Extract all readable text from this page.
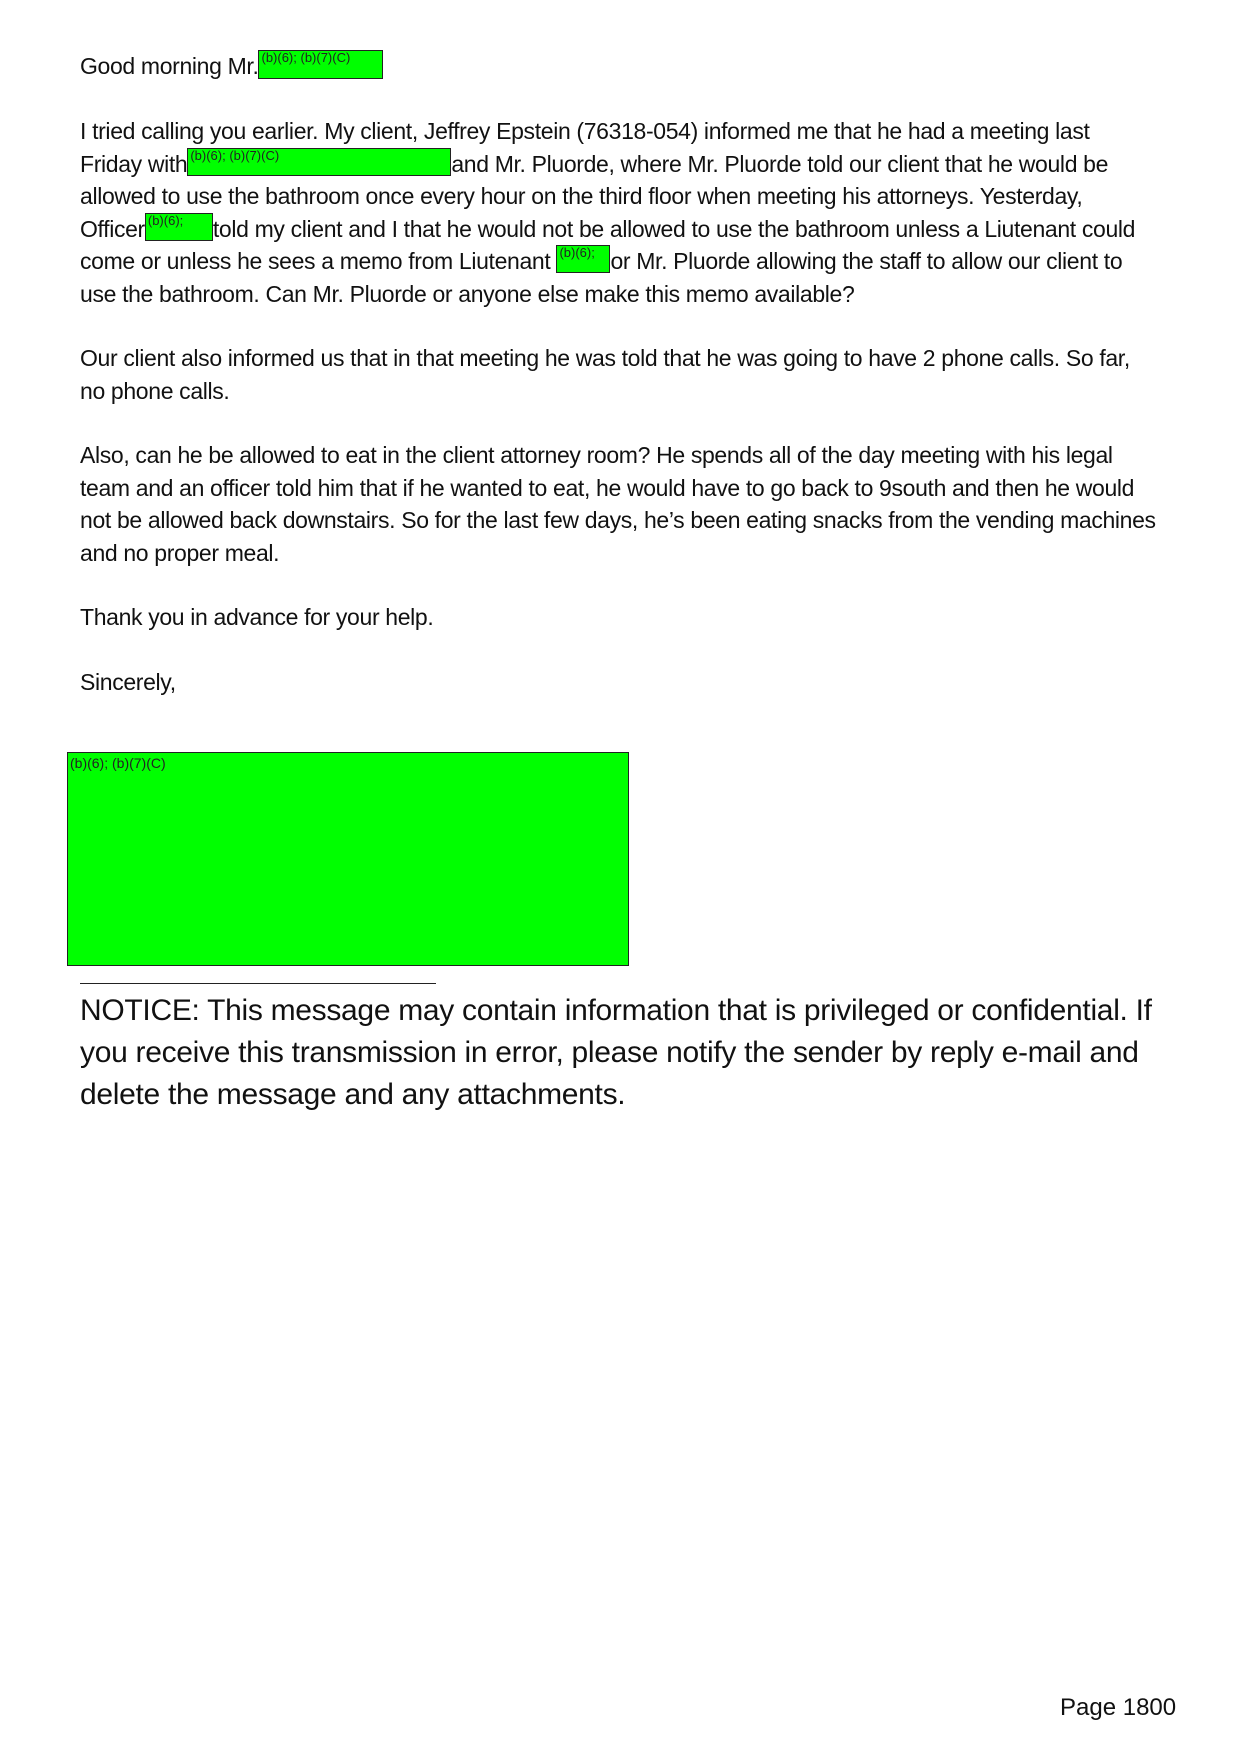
Good morning Mr. (b)(6); (b)(7)(C)
I tried calling you earlier. My client, Jeffrey Epstein (76318-054) informed me that he had a meeting last
Friday with (b)(6); (b)(7)(C)	and Mr. Pluorde, where Mr. Pluorde told our client that he would be
allowed to use the bathroom once every hour on the third floor when meeting his attorneys. Yesterday,
Officer (b)(6); told my client and I that he would not be allowed to use the bathroom unless a Liutenant could
come or unless he sees a memo from Liutenant (b)(6); or Mr. Pluorde allowing the staff to allow our client to
use the bathroom. Can Mr. Pluorde or anyone else make this memo available?
Our client also informed us that in that meeting he was told that he was going to have 2 phone calls. So far,
no phone calls.
Also, can he be allowed to eat in the client attorney room? He spends all of the day meeting with his legal
team and an officer told him that if he wanted to eat, he would have to go back to 9south and then he would
not be allowed back downstairs. So for the last few days, he’s been eating snacks from the vending machines
and no proper meal.
Thank you in advance for your help.
Sincerely,
(b)(6); (b)(7)(C)
NOTICE: This message may contain information that is privileged or confidential. If you receive this transmission in error, please notify the sender by reply e-mail and delete the message and any attachments.
Page 1800
